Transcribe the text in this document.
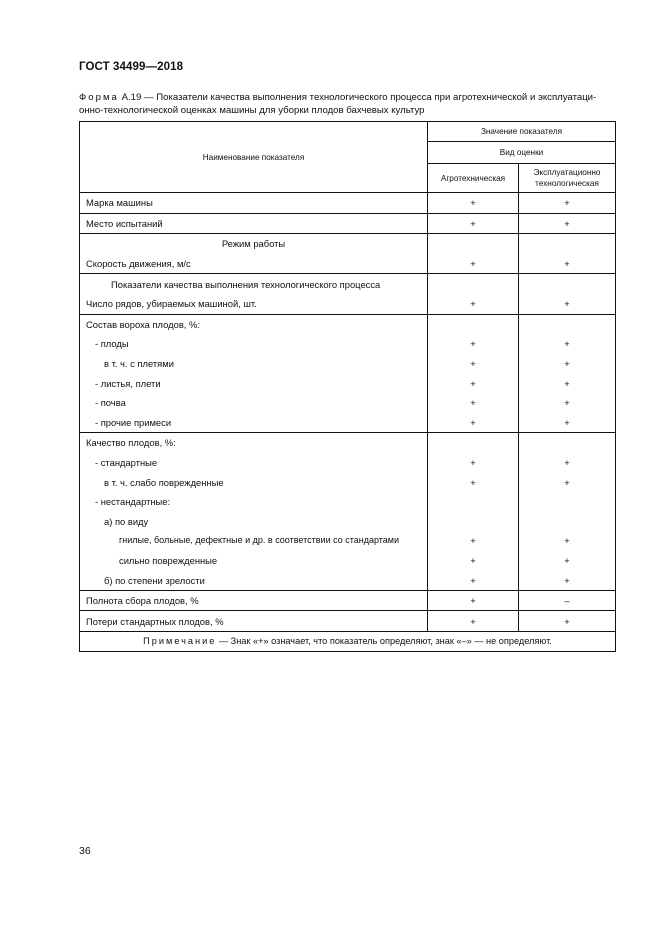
ГОСТ 34499—2018
Форма А.19 — Показатели качества выполнения технологического процесса при агротехнической и эксплуатаци-онно-технологической оценках машины для уборки плодов бахчевых культур
Наименование показателя	Значение показателя	
	Вид оценки	
	Агротехническая	Эксплуатационно технологическая
Марка машины	+	+
Место испытаний	+	+
Режим работы		
Скорость движения, м/с	+	+
Показатели качества выполнения технологического процесса		
Число рядов, убираемых машиной, шт.	+	+
Состав вороха плодов, %:		
- плоды	+	+
в т. ч. с плетями	+	+
- листья, плети	+	+
- почва	+	+
- прочие примеси	+	+
Качество плодов, %:		
- стандартные	+	+
в т. ч. слабо поврежденные	+	+
- нестандартные:		
а) по виду		
гнилые, больные, дефектные и др. в соответствии со стандартами	+	+
сильно поврежденные	+	+
б) по степени зрелости	+	+
Полнота сбора плодов, %	+	–
Потери стандартных плодов, %	+	+
Примечание — Знак «+» означает, что показатель определяют, знак «–» — не определяют.		
36
